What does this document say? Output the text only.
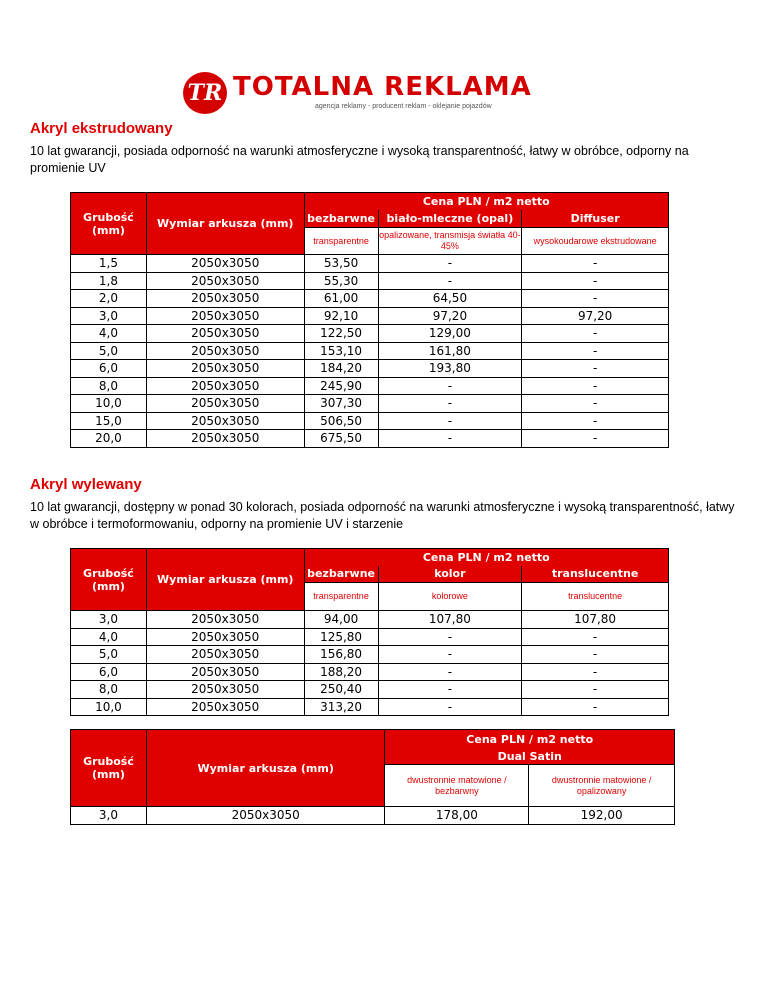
TR TOTALNA REKLAMA
agencja reklamy - producent reklam - oklejanie pojazdów
Akryl ekstrudowany
10 lat gwarancji, posiada odporność na warunki atmosferyczne i wysoką transparentność, łatwy w obróbce, odporny na promienie UV
Grubość (mm)	Wymiar arkusza (mm)	Cena PLN / m2 netto		
		bezbarwne	biało-mleczne (opal)	Diffuser
		transparentne	opalizowane, transmisja światła 40-45%	wysokoudarowe ekstrudowane
1,5	2050x3050	53,50	-	-
1,8	2050x3050	55,30	-	-
2,0	2050x3050	61,00	64,50	-
3,0	2050x3050	92,10	97,20	97,20
4,0	2050x3050	122,50	129,00	-
5,0	2050x3050	153,10	161,80	-
6,0	2050x3050	184,20	193,80	-
8,0	2050x3050	245,90	-	-
10,0	2050x3050	307,30	-	-
15,0	2050x3050	506,50	-	-
20,0	2050x3050	675,50	-	-
Akryl wylewany
10 lat gwarancji, dostępny w ponad 30 kolorach, posiada odporność na warunki atmosferyczne i wysoką transparentność, łatwy w obróbce i termoformowaniu, odporny na promienie UV i starzenie
Grubość (mm)	Wymiar arkusza (mm)	Cena PLN / m2 netto		
		bezbarwne	kolor	translucentne
		transparentne	kolorowe	translucentne
3,0	2050x3050	94,00	107,80	107,80
4,0	2050x3050	125,80	-	-
5,0	2050x3050	156,80	-	-
6,0	2050x3050	188,20	-	-
8,0	2050x3050	250,40	-	-
10,0	2050x3050	313,20	-	-
Grubość (mm)	Wymiar arkusza (mm)	Cena PLN / m2 netto	
		Dual Satin	
		dwustronnie matowione / bezbarwny	dwustronnie matowione / opalizowany
3,0	2050x3050	178,00	192,00
